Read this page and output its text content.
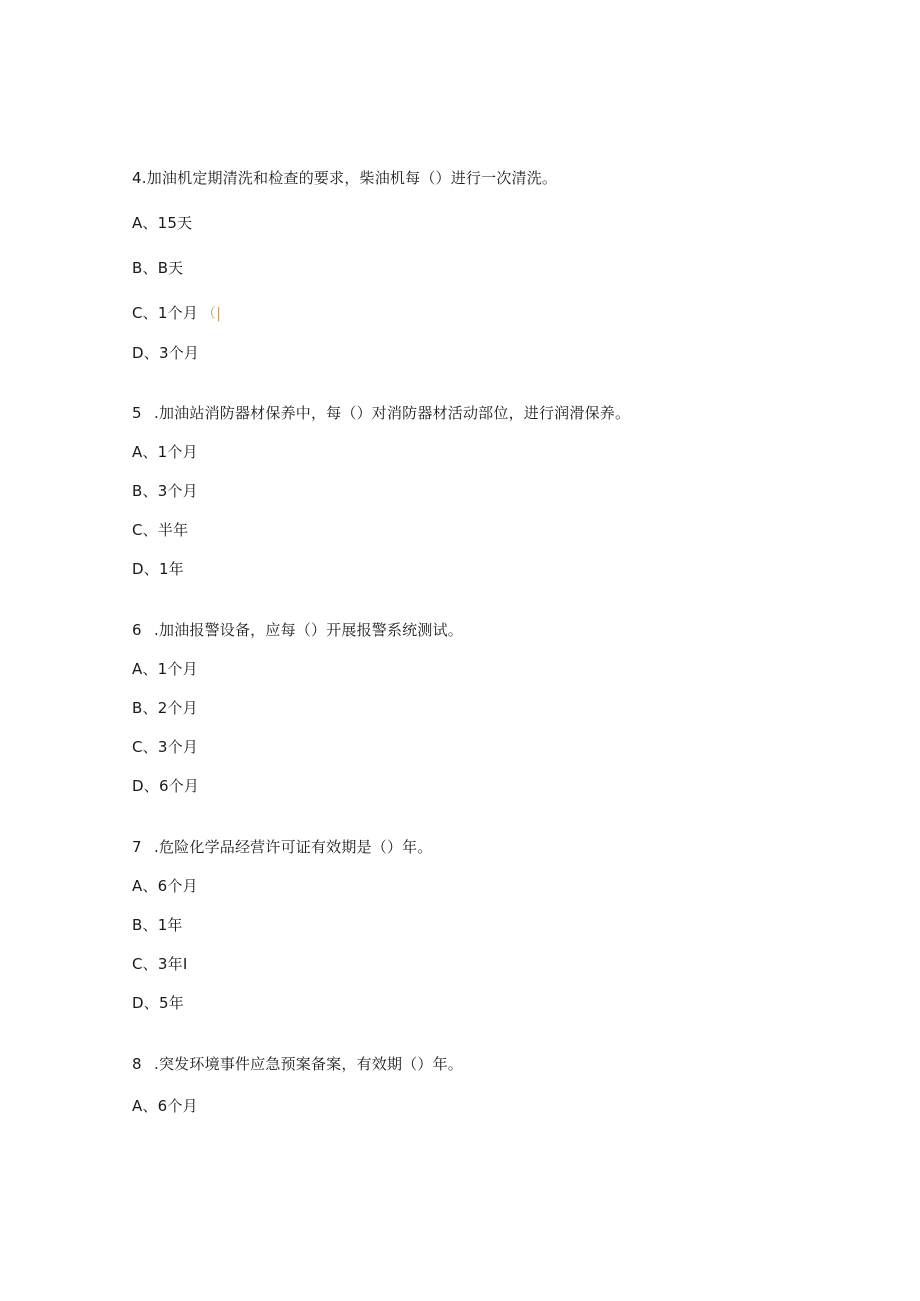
4.加油机定期清洗和检查的要求，柴油机每（）进行一次清洗。
A、15天
B、B天
C、1个月 （|
D、3个月
5 .加油站消防器材保养中，每（）对消防器材活动部位，进行润滑保养。
A、1个月
B、3个月
C、半年
D、1年
6 .加油报警设备，应每（）开展报警系统测试。
A、1个月
B、2个月
C、3个月
D、6个月
7 .危险化学品经营许可证有效期是（）年。
A、6个月
B、1年
C、3年I
D、5年
8 .突发环境事件应急预案备案，有效期（）年。
A、6个月
